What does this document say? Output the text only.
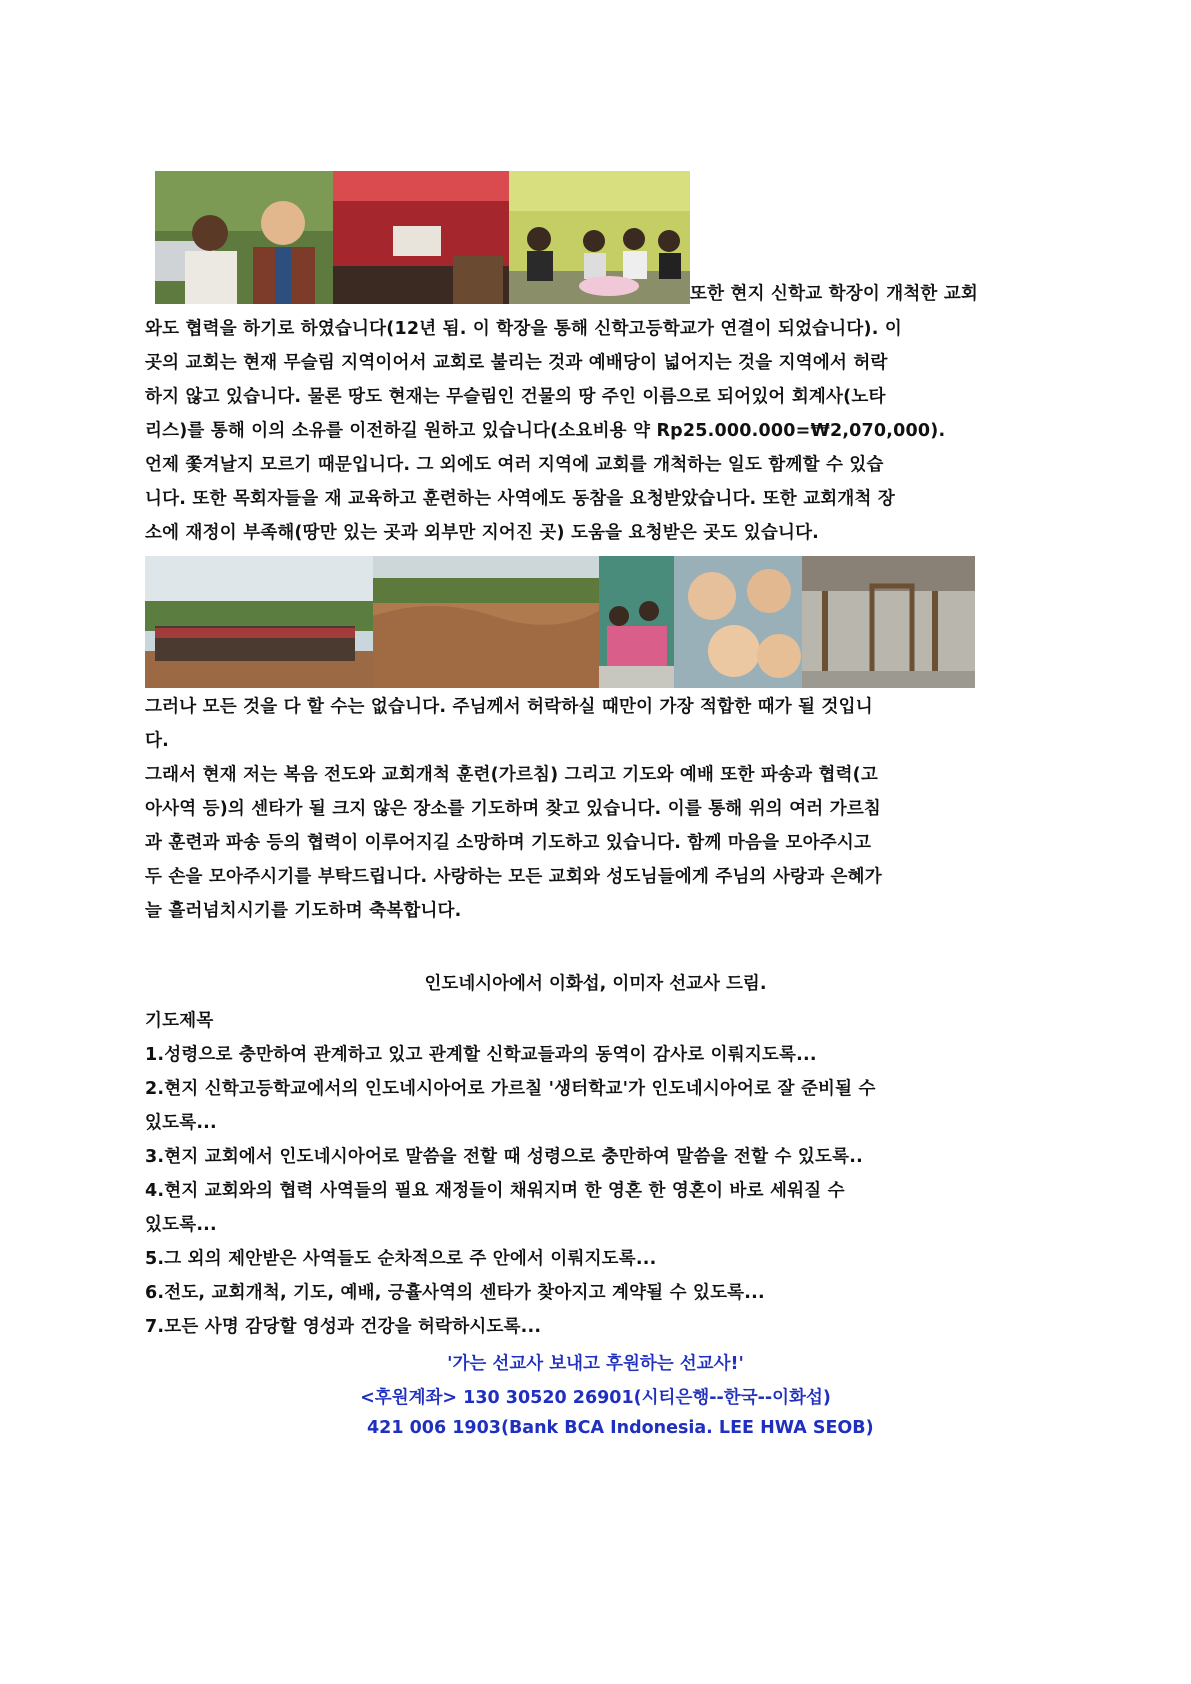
또한 현지 신학교 학장이 개척한 교회
와도 협력을 하기로 하였습니다(12년 됨. 이 학장을 통해 신학고등학교가 연결이 되었습니다). 이
곳의 교회는 현재 무슬림 지역이어서 교회로 불리는 것과 예배당이 넓어지는 것을 지역에서 허락
하지 않고 있습니다. 물론 땅도 현재는 무슬림인 건물의 땅 주인 이름으로 되어있어 회계사(노타
리스)를 통해 이의 소유를 이전하길 원하고 있습니다(소요비용 약 Rp25.000.000=₩2,070,000).
언제 쫓겨날지 모르기 때문입니다. 그 외에도 여러 지역에 교회를 개척하는 일도 함께할 수 있습
니다. 또한 목회자들을 재 교육하고 훈련하는 사역에도 동참을 요청받았습니다. 또한 교회개척 장
소에 재정이 부족해(땅만 있는 곳과 외부만 지어진 곳) 도움을 요청받은 곳도 있습니다.
그러나 모든 것을 다 할 수는 없습니다. 주님께서 허락하실 때만이 가장 적합한 때가 될 것입니
다.
그래서 현재 저는 복음 전도와 교회개척 훈련(가르침) 그리고 기도와 예배 또한 파송과 협력(고
아사역 등)의 센타가 될 크지 않은 장소를 기도하며 찾고 있습니다. 이를 통해 위의 여러 가르침
과 훈련과 파송 등의 협력이 이루어지길 소망하며 기도하고 있습니다. 함께 마음을 모아주시고
두 손을 모아주시기를 부탁드립니다. 사랑하는 모든 교회와 성도님들에게 주님의 사랑과 은혜가
늘 흘러넘치시기를 기도하며 축복합니다.
인도네시아에서 이화섭, 이미자 선교사 드림.
기도제목
1.성령으로 충만하여 관계하고 있고 관계할 신학교들과의 동역이 감사로 이뤄지도록...
2.현지 신학고등학교에서의 인도네시아어로 가르칠 '생터학교'가 인도네시아어로 잘 준비될 수
있도록...
3.현지 교회에서 인도네시아어로 말씀을 전할 때 성령으로 충만하여 말씀을 전할 수 있도록..
4.현지 교회와의 협력 사역들의 필요 재정들이 채워지며 한 영혼 한 영혼이 바로 세워질 수
있도록...
5.그 외의 제안받은 사역들도 순차적으로 주 안에서 이뤄지도록...
6.전도, 교회개척, 기도, 예배, 긍휼사역의 센타가 찾아지고 계약될 수 있도록...
7.모든 사명 감당할 영성과 건강을 허락하시도록...
'가는 선교사 보내고 후원하는 선교사!'
<후원계좌> 130 30520 26901(시티은행--한국--이화섭)
421 006 1903(Bank BCA Indonesia. LEE HWA SEOB)
